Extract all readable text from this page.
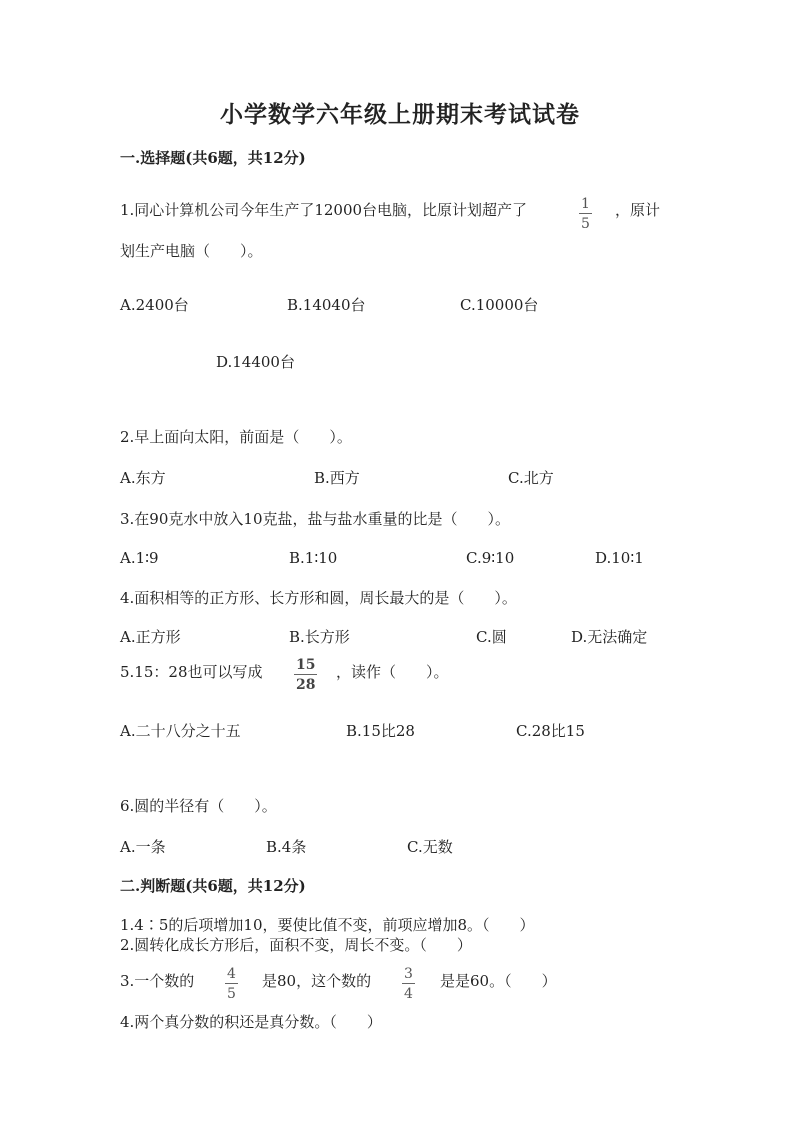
小学数学六年级上册期末考试试卷
一.选择题(共6题，共12分)
1.同心计算机公司今年生产了12000台电脑，比原计划超产了	1
5
，原计
划生产电脑（　　）。
A.2400台	B.14040台	C.10000台
D.14400台
2.早上面向太阳，前面是（　　）。
A.东方	B.西方	C.北方
3.在90克水中放入10克盐，盐与盐水重量的比是（　　）。
A.1∶9	B.1∶10	C.9∶10	D.10∶1
4.面积相等的正方形、长方形和圆，周长最大的是（　　）。
A.正方形	B.长方形	C.圆	D.无法确定
5.15：28也可以写成 15
28
，读作（　　）。
A.二十八分之十五	B.15比28	C.28比15
6.圆的半径有（　　）。
A.一条	B.4条	C.无数
二.判断题(共6题，共12分)
1.4∶5的后项增加10，要使比值不变，前项应增加8。（　　）
2.圆转化成长方形后，面积不变，周长不变。（　　）
3.一个数的 4
5
是80，这个数的 3
4
是是60。（　　）
4.两个真分数的积还是真分数。（　　）
